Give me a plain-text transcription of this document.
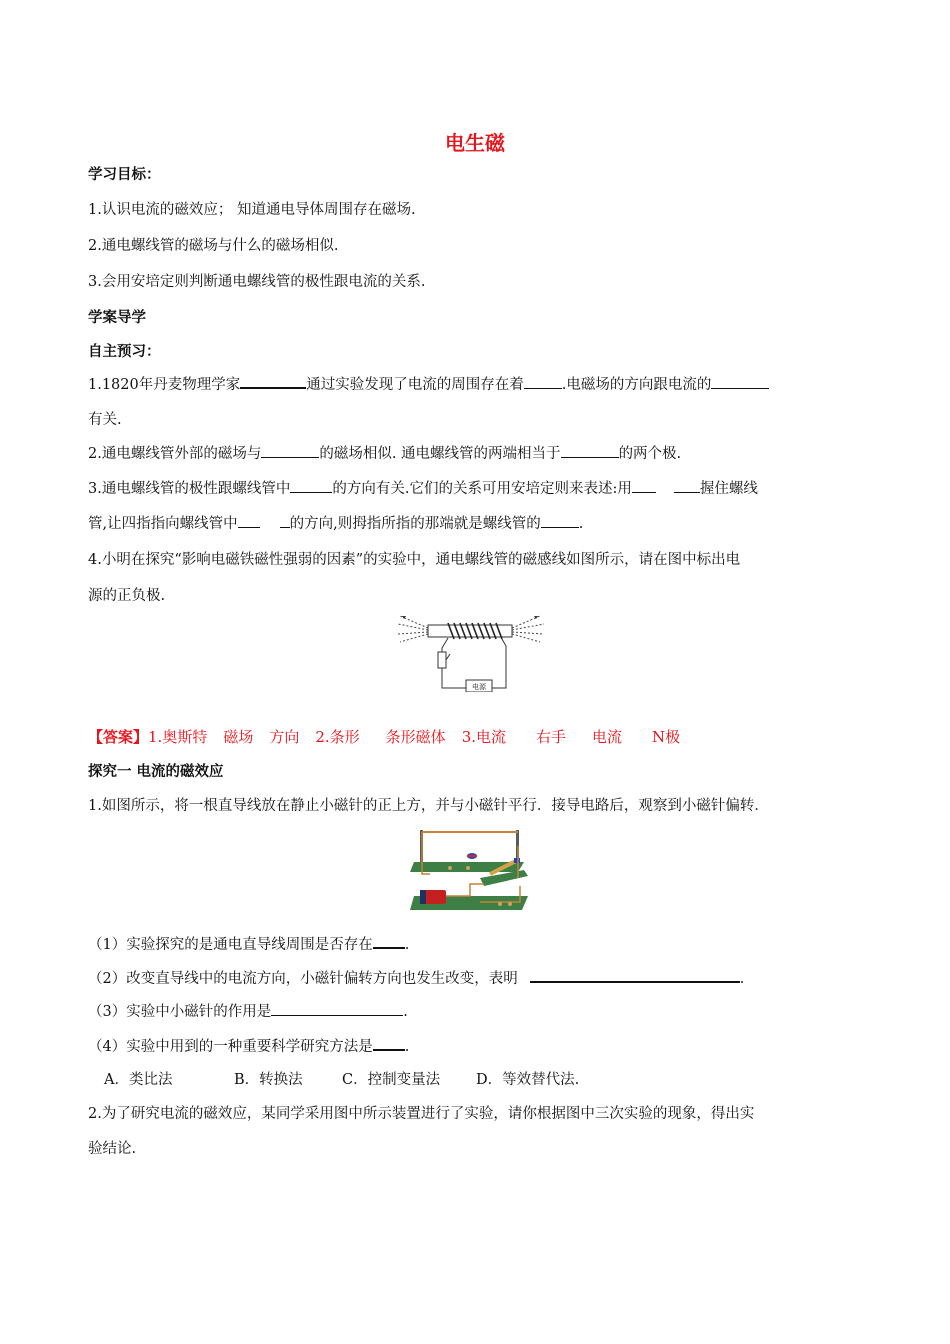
电生磁
学习目标：
1.认识电流的磁效应； 知道通电导体周围存在磁场.
2.通电螺线管的磁场与什么的磁场相似.
3.会用安培定则判断通电螺线管的极性跟电流的关系.
学案导学
自主预习：
1.1820年丹麦物理学家	通过实验发现了电流的周围存在着	.电磁场的方向跟电流的
有关.
2.通电螺线管外部的磁场与	的磁场相似. 通电螺线管的两端相当于	的两个极.
3.通电螺线管的极性跟螺线管中	的方向有关.它们的关系可用安培定则来表述:用	握住螺线
管,让四指指向螺线管中	的方向,则拇指所指的那端就是螺线管的	.
4.小明在探究“影响电磁铁磁性强弱的因素”的实验中，通电螺线管的磁感线如图所示，请在图中标出电
源的正负极.
电源
【答案】1.奥斯特 磁场 方向 2.条形 条形磁体 3.电流 右手 电流 N极
探究一 电流的磁效应
1.如图所示，将一根直导线放在静止小磁针的正上方，并与小磁针平行．接导电路后，观察到小磁针偏转．
（1）实验探究的是通电直导线周围是否存在 .
（2）改变直导线中的电流方向，小磁针偏转方向也发生改变，表明	.
（3）实验中小磁针的作用是	.
（4）实验中用到的一种重要科学研究方法是 .
A．类比法	B．转换法	C．控制变量法 D．等效替代法.
2.为了研究电流的磁效应，某同学采用图中所示装置进行了实验，请你根据图中三次实验的现象，得出实
验结论.
